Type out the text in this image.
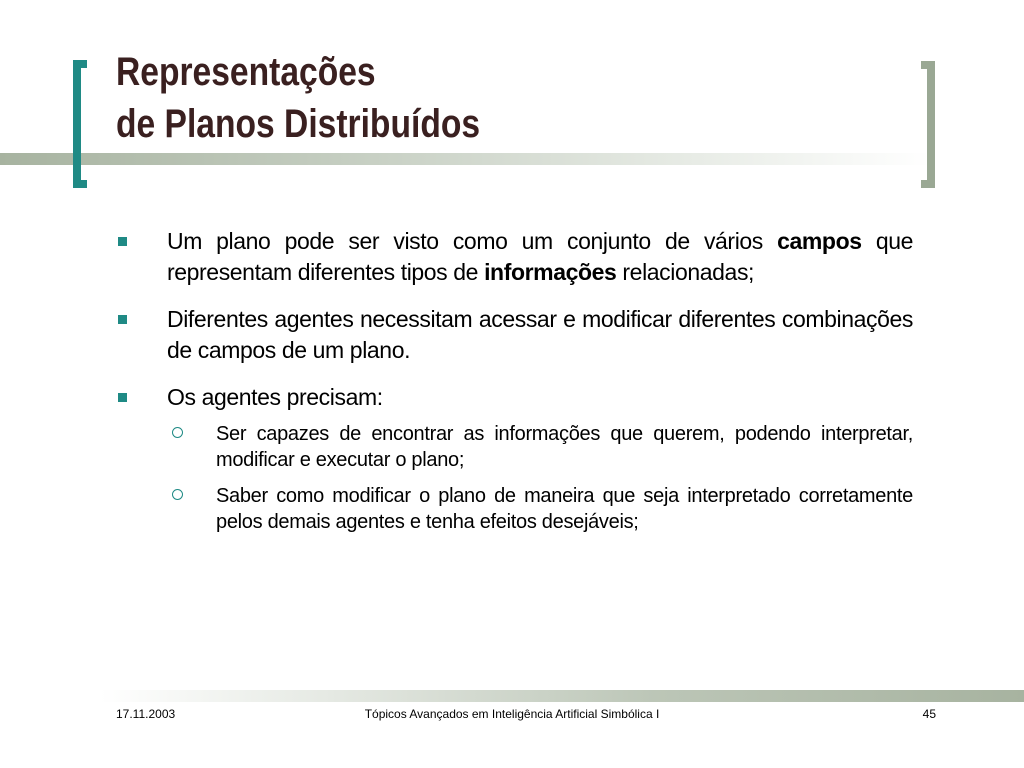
Representações
de Planos Distribuídos
Um plano pode ser visto como um conjunto de vários campos que representam diferentes tipos de informações relacionadas;
Diferentes agentes necessitam acessar e modificar diferentes combinações de campos de um plano.
Os agentes precisam:
Ser capazes de encontrar as informações que querem, podendo interpretar, modificar e executar o plano;
Saber como modificar o plano de maneira que seja interpretado corretamente pelos demais agentes e tenha efeitos desejáveis;
17.11.2003	Tópicos Avançados em Inteligência Artificial Simbólica I	45
